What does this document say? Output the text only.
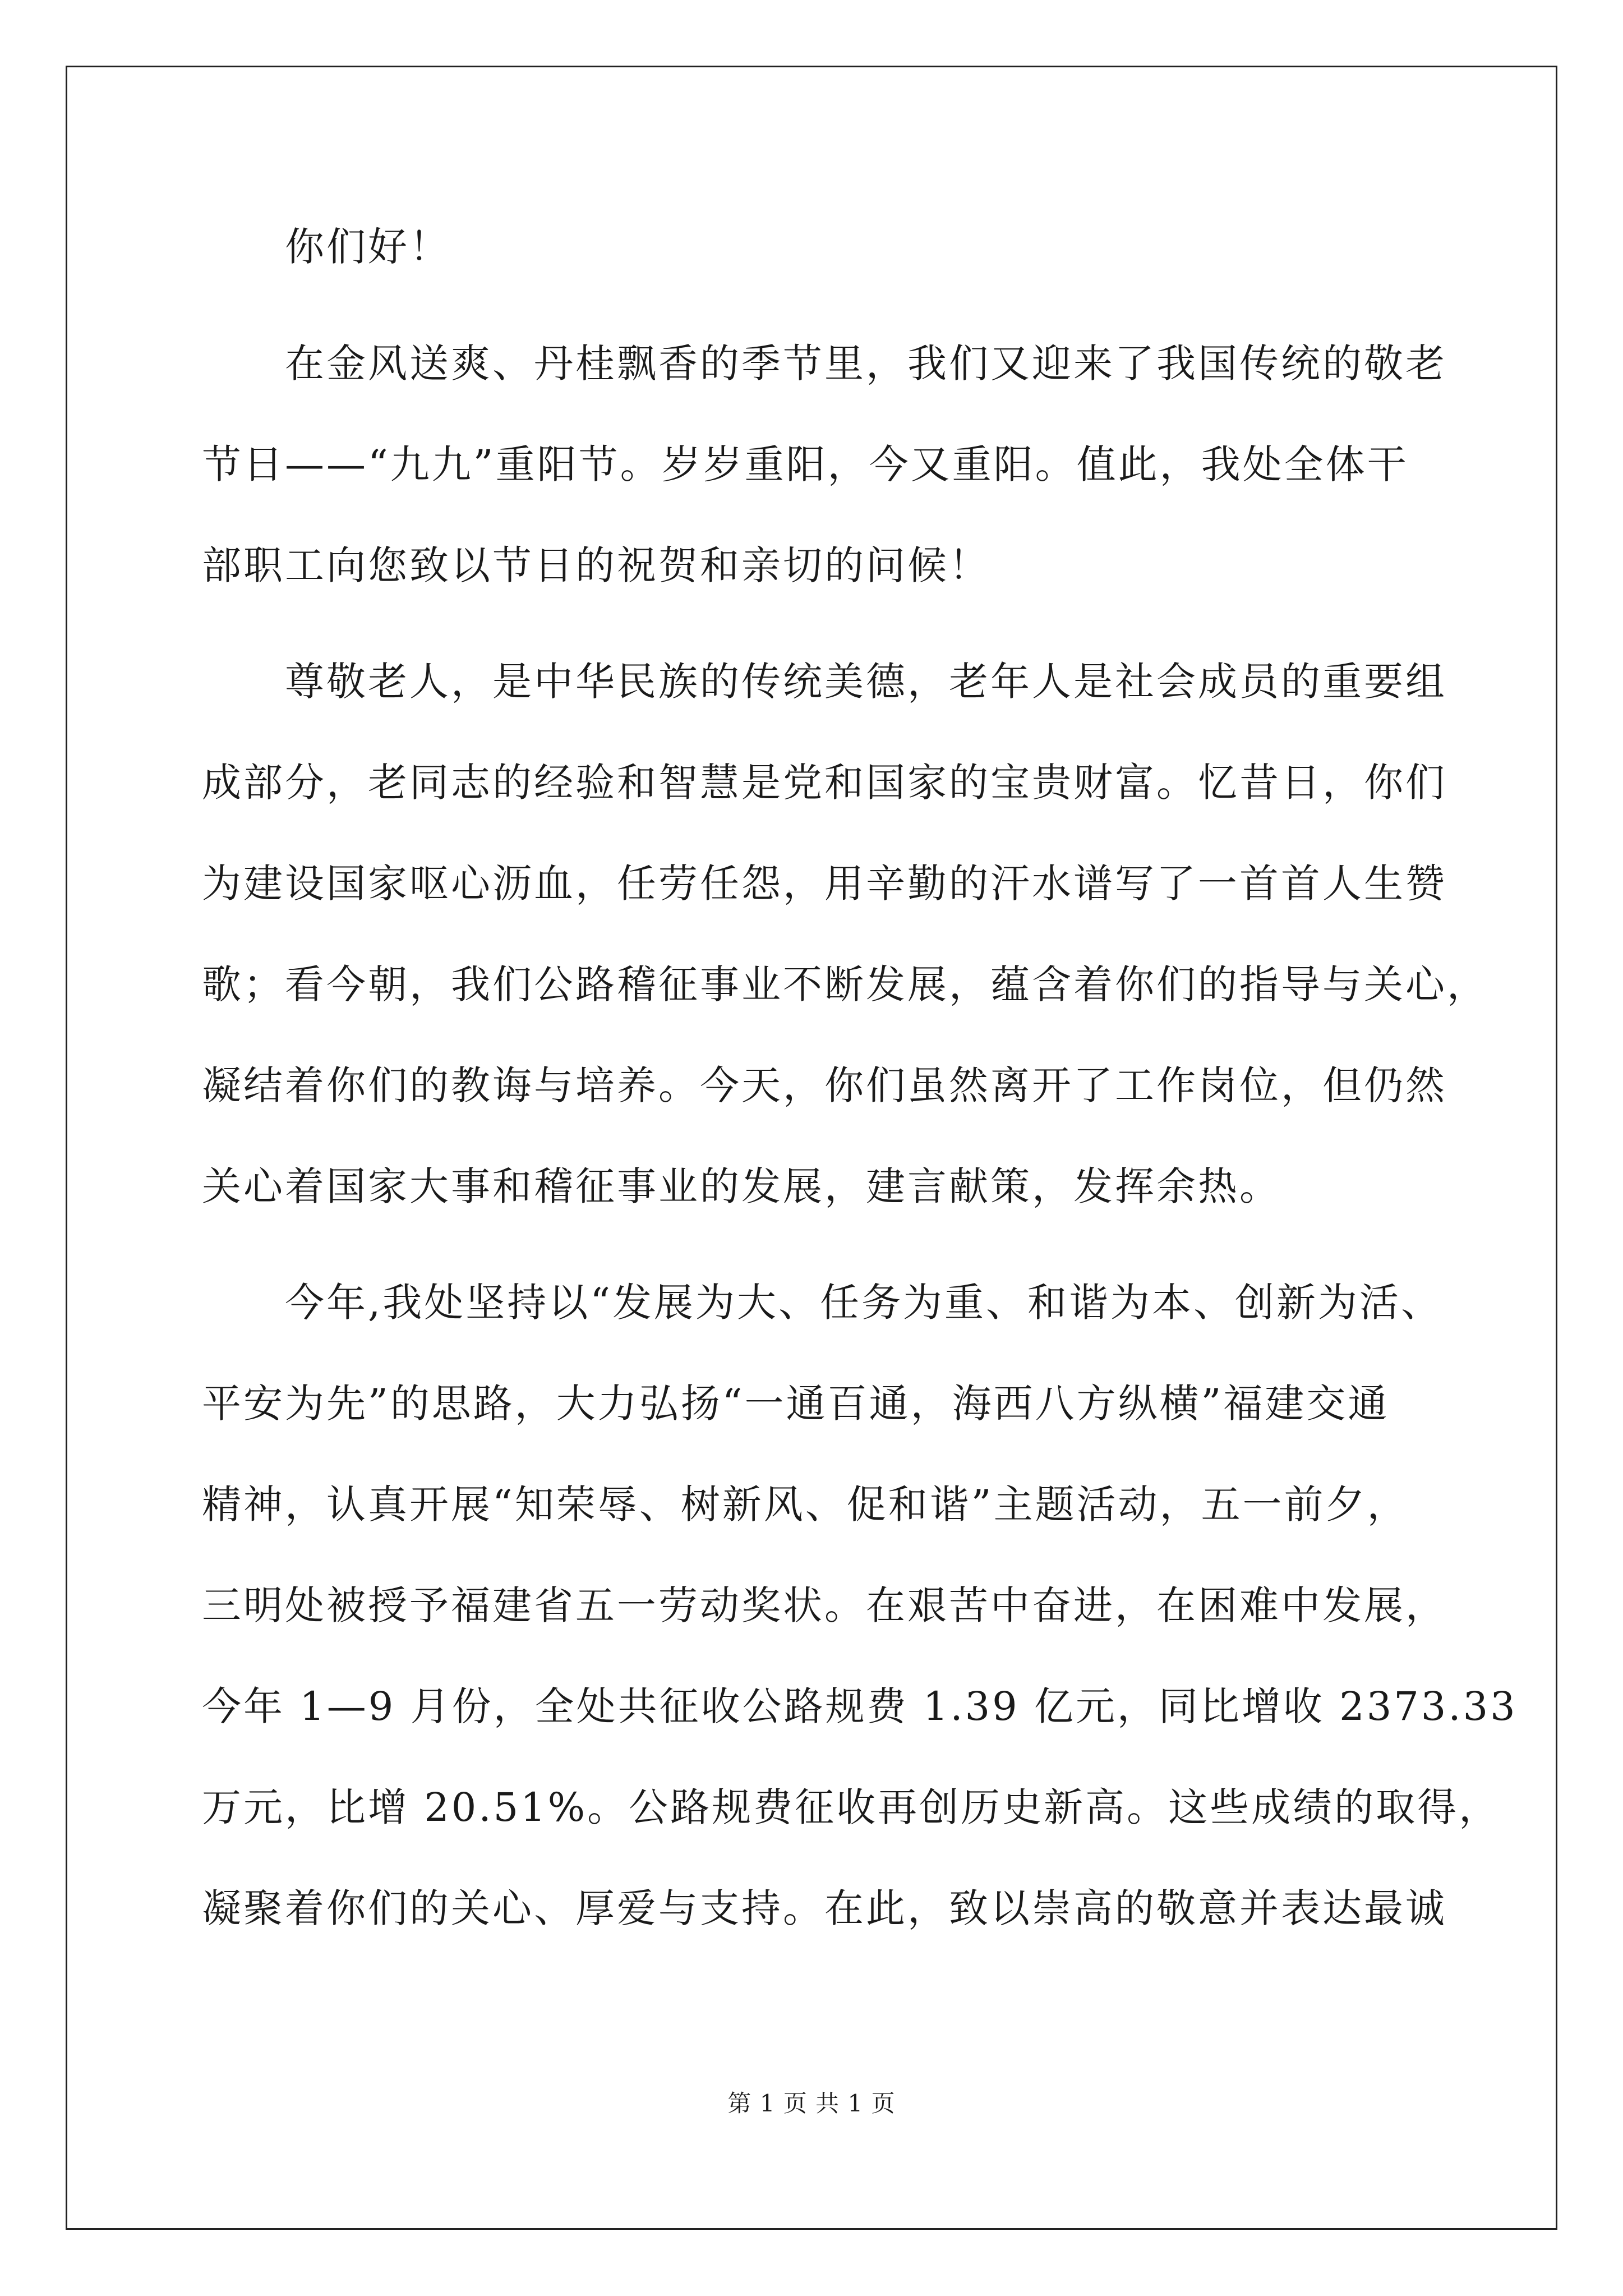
你们好！
在金风送爽、丹桂飘香的季节里，我们又迎来了我国传统的敬老
节日——“九九”重阳节。岁岁重阳，今又重阳。值此，我处全体干
部职工向您致以节日的祝贺和亲切的问候！
尊敬老人，是中华民族的传统美德，老年人是社会成员的重要组
成部分，老同志的经验和智慧是党和国家的宝贵财富。忆昔日，你们
为建设国家呕心沥血，任劳任怨，用辛勤的汗水谱写了一首首人生赞
歌；看今朝，我们公路稽征事业不断发展，蕴含着你们的指导与关心，
凝结着你们的教诲与培养。今天，你们虽然离开了工作岗位，但仍然
关心着国家大事和稽征事业的发展，建言献策，发挥余热。
今年,我处坚持以“发展为大、任务为重、和谐为本、创新为活、
平安为先”的思路，大力弘扬“一通百通，海西八方纵横”福建交通
精神，认真开展“知荣辱、树新风、促和谐”主题活动，五一前夕，
三明处被授予福建省五一劳动奖状。在艰苦中奋进，在困难中发展，
今年 1—9 月份，全处共征收公路规费 1.39 亿元，同比增收 2373.33
万元，比增 20.51%。公路规费征收再创历史新高。这些成绩的取得，
凝聚着你们的关心、厚爱与支持。在此，致以崇高的敬意并表达最诚
第 1 页 共 1 页
